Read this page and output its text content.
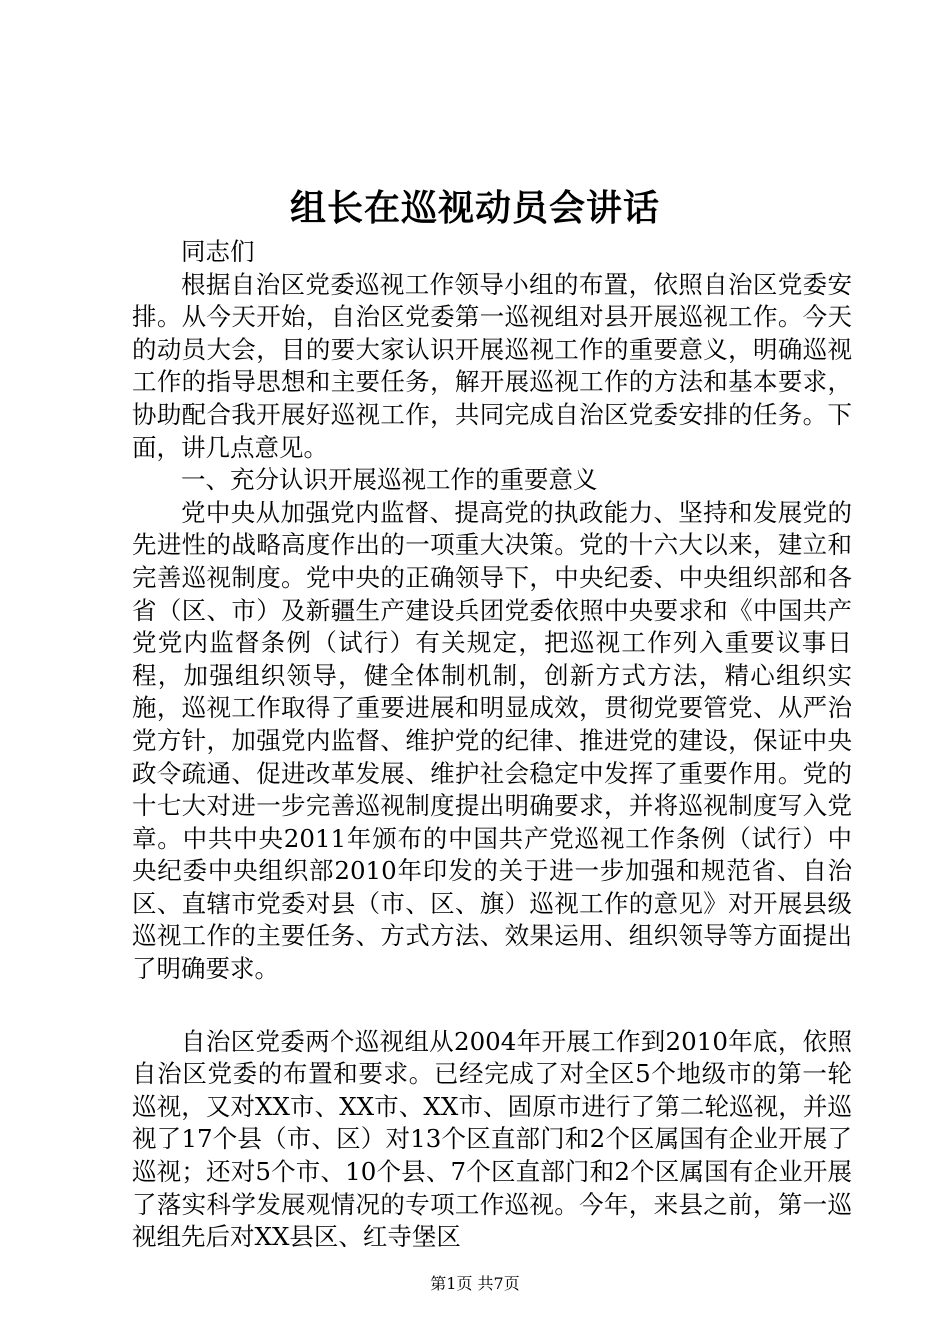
组长在巡视动员会讲话

同志们

根据自治区党委巡视工作领导小组的布置，依照自治区党委安排。从今天开始，自治区党委第一巡视组对县开展巡视工作。今天的动员大会，目的要大家认识开展巡视工作的重要意义，明确巡视工作的指导思想和主要任务，解开展巡视工作的方法和基本要求，协助配合我开展好巡视工作，共同完成自治区党委安排的任务。下面，讲几点意见。

一、充分认识开展巡视工作的重要意义

党中央从加强党内监督、提高党的执政能力、坚持和发展党的先进性的战略高度作出的一项重大决策。党的十六大以来，建立和完善巡视制度。党中央的正确领导下，中央纪委、中央组织部和各省（区、市）及新疆生产建设兵团党委依照中央要求和《中国共产党党内监督条例（试行）有关规定，把巡视工作列入重要议事日程，加强组织领导，健全体制机制，创新方式方法，精心组织实施，巡视工作取得了重要进展和明显成效，贯彻党要管党、从严治党方针，加强党内监督、维护党的纪律、推进党的建设，保证中央政令疏通、促进改革发展、维护社会稳定中发挥了重要作用。党的十七大对进一步完善巡视制度提出明确要求，并将巡视制度写入党章。中共中央2011年颁布的中国共产党巡视工作条例（试行）中央纪委中央组织部2010年印发的关于进一步加强和规范省、自治区、直辖市党委对县（市、区、旗）巡视工作的意见》对开展县级巡视工作的主要任务、方式方法、效果运用、组织领导等方面提出了明确要求。

自治区党委两个巡视组从2004年开展工作到2010年底，依照自治区党委的布置和要求。已经完成了对全区5个地级市的第一轮巡视，又对XX市、XX市、XX市、固原市进行了第二轮巡视，并巡视了17个县（市、区）对13个区直部门和2个区属国有企业开展了巡视；还对5个市、10个县、7个区直部门和2个区属国有企业开展了落实科学发展观情况的专项工作巡视。今年，来县之前，第一巡视组先后对XX县区、红寺堡区

第1页 共7页
